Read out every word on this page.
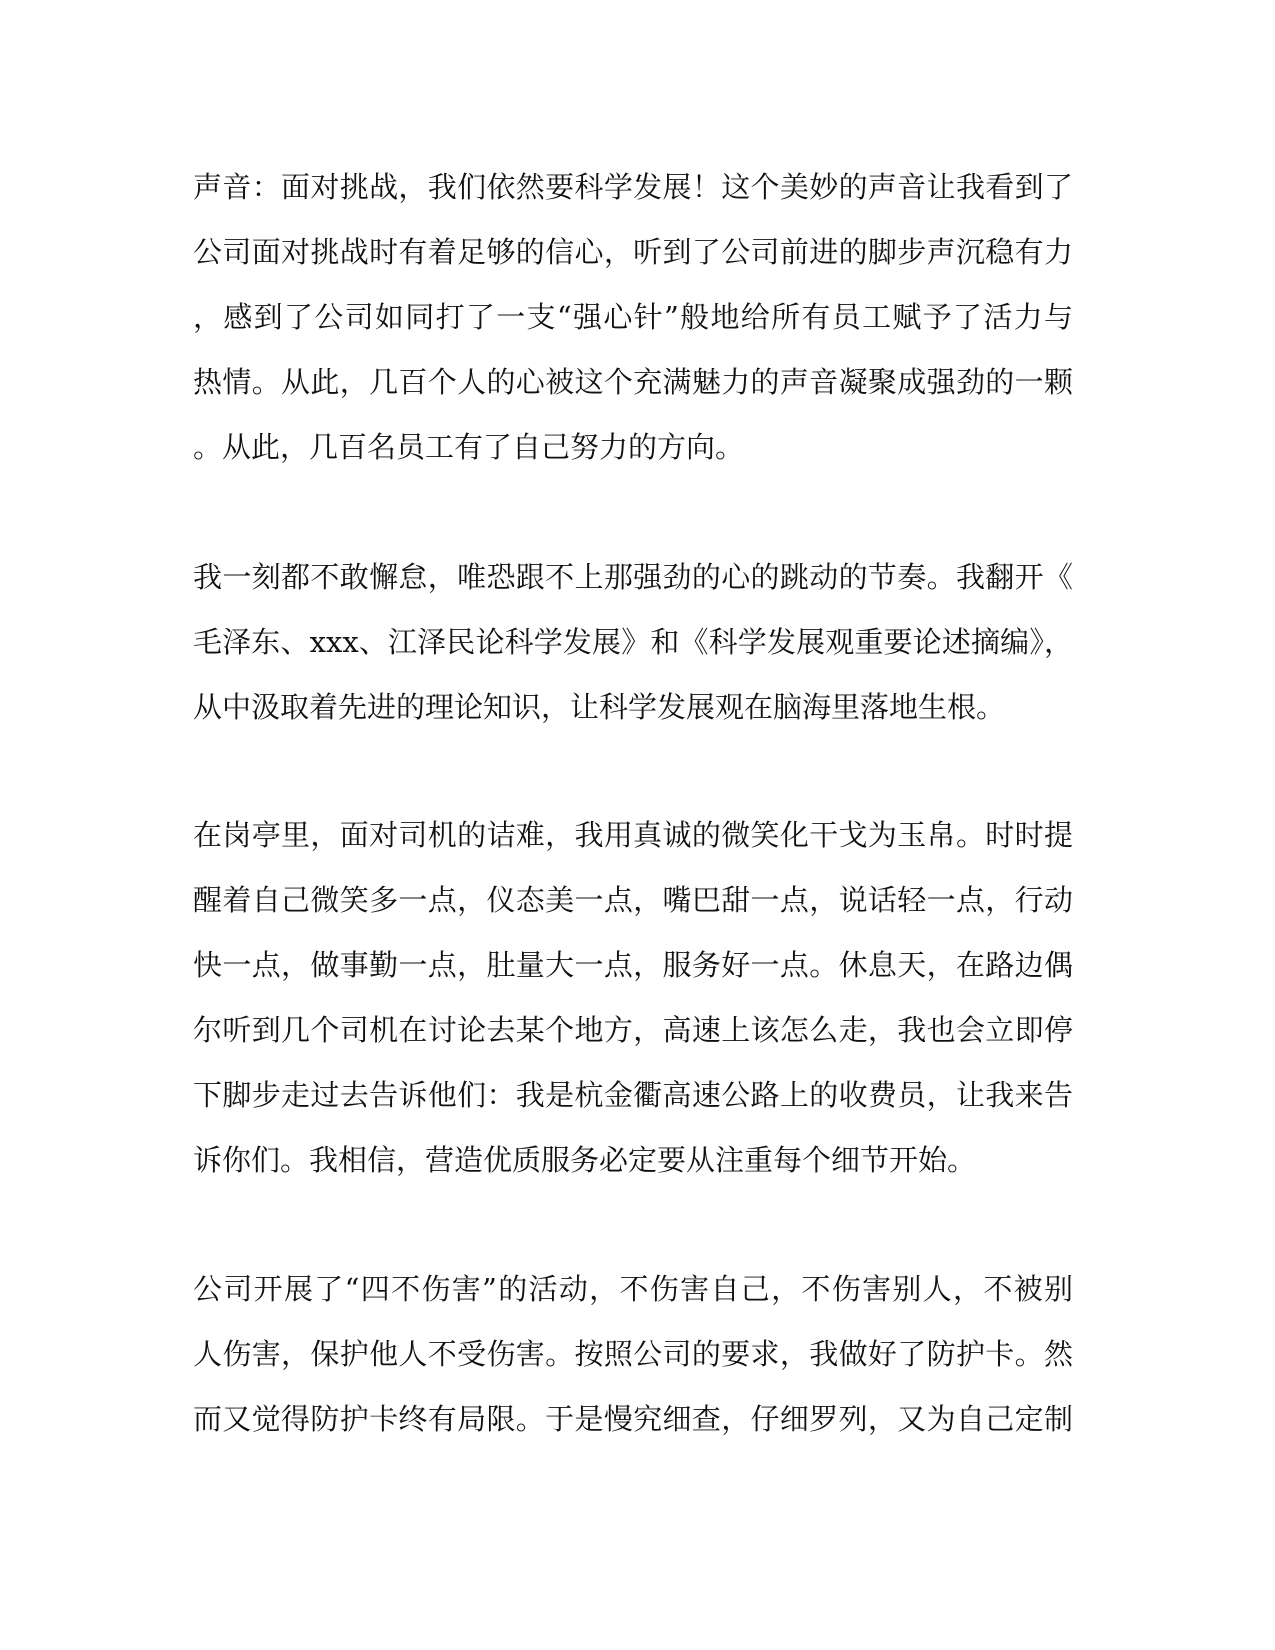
声音：面对挑战，我们依然要科学发展！这个美妙的声音让我看到了
公司面对挑战时有着足够的信心，听到了公司前进的脚步声沉稳有力
，感到了公司如同打了一支“强心针”般地给所有员工赋予了活力与
热情。从此，几百个人的心被这个充满魅力的声音凝聚成强劲的一颗
。从此，几百名员工有了自己努力的方向。
我一刻都不敢懈怠，唯恐跟不上那强劲的心的跳动的节奏。我翻开《
毛泽东、xxx、江泽民论科学发展》和《科学发展观重要论述摘编》，
从中汲取着先进的理论知识，让科学发展观在脑海里落地生根。
在岗亭里，面对司机的诘难，我用真诚的微笑化干戈为玉帛。时时提
醒着自己微笑多一点，仪态美一点，嘴巴甜一点，说话轻一点，行动
快一点，做事勤一点，肚量大一点，服务好一点。休息天，在路边偶
尔听到几个司机在讨论去某个地方，高速上该怎么走，我也会立即停
下脚步走过去告诉他们：我是杭金衢高速公路上的收费员，让我来告
诉你们。我相信，营造优质服务必定要从注重每个细节开始。
公司开展了“四不伤害”的活动，不伤害自己，不伤害别人，不被别
人伤害，保护他人不受伤害。按照公司的要求，我做好了防护卡。然
而又觉得防护卡终有局限。于是慢究细查，仔细罗列，又为自己定制
